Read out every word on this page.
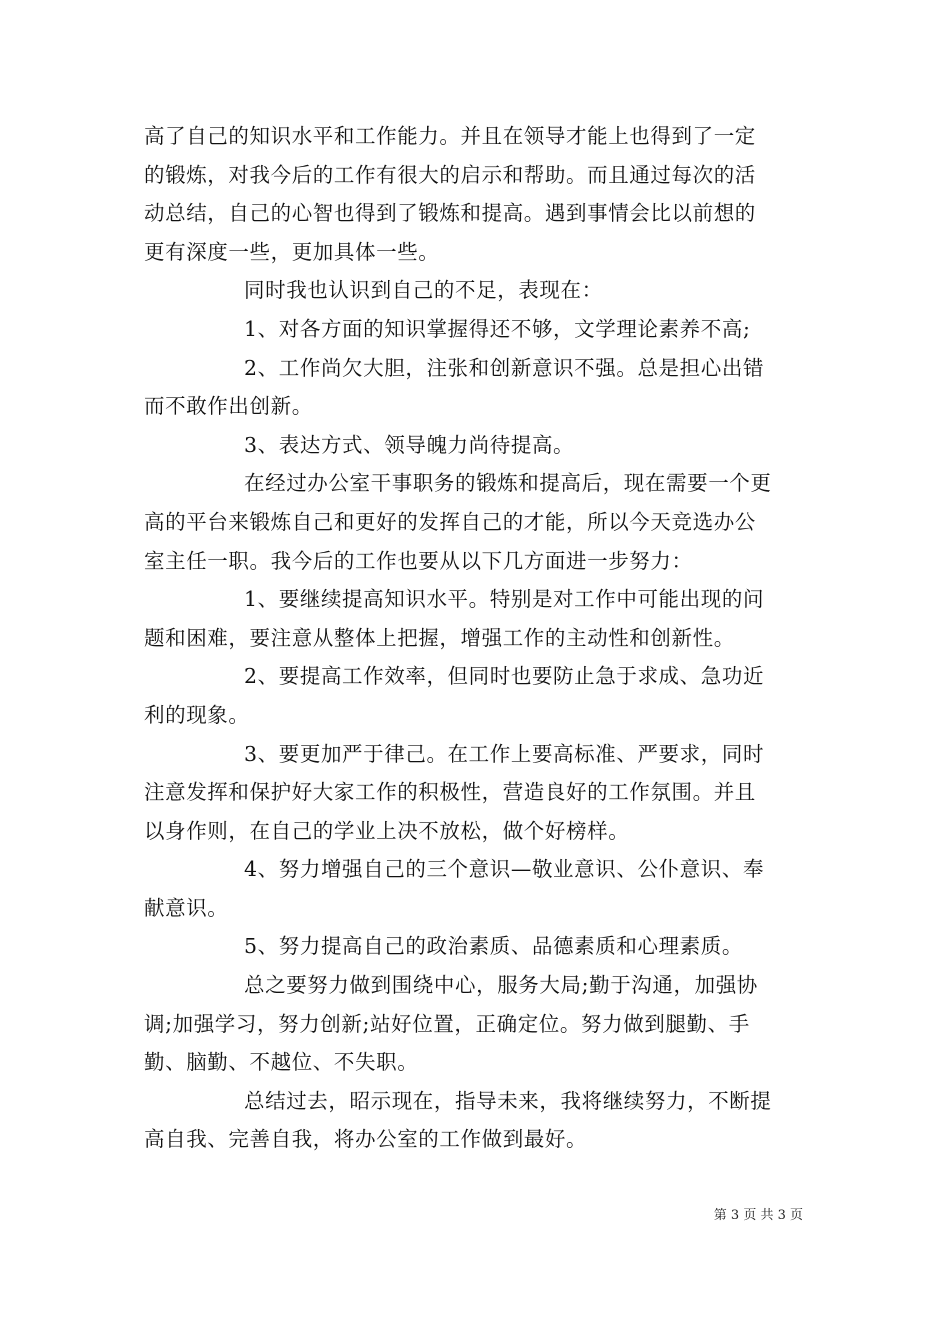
高了自己的知识水平和工作能力。并且在领导才能上也得到了一定
的锻炼，对我今后的工作有很大的启示和帮助。而且通过每次的活
动总结，自己的心智也得到了锻炼和提高。遇到事情会比以前想的
更有深度一些，更加具体一些。
同时我也认识到自己的不足，表现在：
1、对各方面的知识掌握得还不够，文学理论素养不高;
2、工作尚欠大胆，注张和创新意识不强。总是担心出错
而不敢作出创新。
3、表达方式、领导魄力尚待提高。
在经过办公室干事职务的锻炼和提高后，现在需要一个更
高的平台来锻炼自己和更好的发挥自己的才能，所以今天竞选办公
室主任一职。我今后的工作也要从以下几方面进一步努力：
1、要继续提高知识水平。特别是对工作中可能出现的问
题和困难，要注意从整体上把握，增强工作的主动性和创新性。
2、要提高工作效率，但同时也要防止急于求成、急功近
利的现象。
3、要更加严于律己。在工作上要高标准、严要求，同时
注意发挥和保护好大家工作的积极性，营造良好的工作氛围。并且
以身作则，在自己的学业上决不放松，做个好榜样。
4、努力增强自己的三个意识—敬业意识、公仆意识、奉
献意识。
5、努力提高自己的政治素质、品德素质和心理素质。
总之要努力做到围绕中心，服务大局;勤于沟通，加强协
调;加强学习，努力创新;站好位置，正确定位。努力做到腿勤、手
勤、脑勤、不越位、不失职。
总结过去，昭示现在，指导未来，我将继续努力，不断提
高自我、完善自我，将办公室的工作做到最好。
第 3 页 共 3 页
